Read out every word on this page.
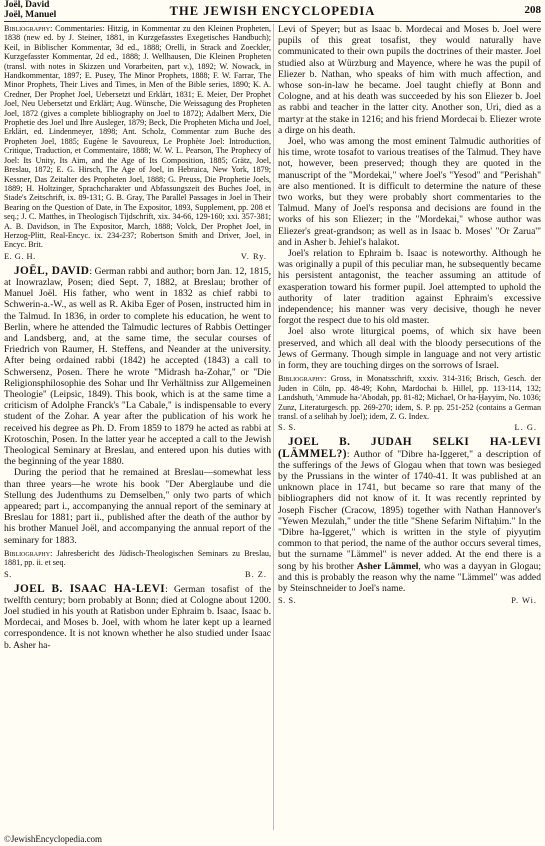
Joël, David
Joël, Manuel	THE JEWISH ENCYCLOPEDIA	208

Bibliography: Commentaries: Hitzig, in Kommentar zu den Kleinen Propheten, 1838 (new ed. by J. Steiner, 1881, in Kurzgefasstes Exegetisches Handbuch); Keil, in Biblischer Kommentar, 3d ed., 1888; Orelli, in Strack and Zoeckler, Kurzgefasster Kommentar, 2d ed., 1888; J. Wellhausen, Die Kleinen Propheten (transl. with notes in Skizzen und Vorarbeiten, part v.), 1892; W. Nowack, in Handkommentar, 1897; E. Pusey, The Minor Prophets, 1888; F. W. Farrar, The Minor Prophets, Their Lives and Times, in Men of the Bible series, 1890; K. A. Credner, Der Prophet Joel, Uebersetzt und Erklärt, 1831; E. Meier, Der Prophet Joel, Neu Uebersetzt und Erklärt; Aug. Wünsche, Die Weissagung des Propheten Joel, 1872 (gives a complete bibliography on Joel to 1872); Adalbert Merx, Die Prophetie des Joel und Ihre Ausleger, 1879; Beck, Die Propheten Micha und Joel, Erklärt, ed. Lindenmeyer, 1898; Ant. Scholz, Commentar zum Buche des Propheten Joel, 1885; Eugène le Savoureux, Le Prophète Joel: Introduction, Critique, Traduction, et Commentaire, 1888; W. W. L. Pearson, The Prophecy of Joel: Its Unity, Its Aim, and the Age of Its Composition, 1885; Grätz, Joel, Breslau, 1872; E. G. Hirsch, The Age of Joel, in Hebraica, New York, 1879; Kessner, Das Zeitalter des Propheten Joel, 1888; G. Preuss, Die Prophetie Joels, 1889; H. Holtzinger, Sprachcharakter und Abfassungszeit des Buches Joel, in Stade's Zeitschrift, ix. 89-131; G. B. Gray, The Parallel Passages in Joel in Their Bearing on the Question of Date, in The Expositor, 1893, Supplement, pp. 208 et seq.; J. C. Matthes, in Theologisch Tijdschrift, xix. 34-66, 129-160; xxi. 357-381; A. B. Davidson, in The Expositor, March, 1888; Volck, Der Prophet Joel, in Herzog-Plitt, Real-Encyc. ix. 234-237; Robertson Smith and Driver, Joel, in Encyc. Brit.

E. G. H.	V. Ry.

JOËL, DAVID: German rabbi and author; born Jan. 12, 1815, at Inowrazlaw, Posen; died Sept. 7, 1882, at Breslau; brother of Manuel Joël. His father, who went in 1832 as chief rabbi to Schwerin-a.-W., as well as R. Akiba Eger of Posen, instructed him in the Talmud. In 1836, in order to complete his education, he went to Berlin, where he attended the Talmudic lectures of Rabbis Oettinger and Landsberg, and, at the same time, the secular courses of Friedrich von Raumer, H. Steffens, and Neander at the university. After being ordained rabbi (1842) he accepted (1843) a call to Schwersenz, Posen. There he wrote "Midrash ha-Zohar," or "Die Religionsphilosophie des Sohar und Ihr Verhältniss zur Allgemeinen Theologie" (Leipsic, 1849). This book, which is at the same time a criticism of Adolphe Franck's "La Cabale," is indispensable to every student of the Zohar. A year after the publication of his work he received his degree as Ph. D. From 1859 to 1879 he acted as rabbi at Krotoschin, Posen. In the latter year he accepted a call to the Jewish Theological Seminary at Breslau, and entered upon his duties with the beginning of the year 1880.

During the period that he remained at Breslau—somewhat less than three years—he wrote his book "Der Aberglaube und die Stellung des Judenthums zu Demselben," only two parts of which appeared; part i., accompanying the annual report of the seminary at Breslau for 1881; part ii., published after the death of the author by his brother Manuel Joël, and accompanying the annual report of the seminary for 1883.

Bibliography: Jahresbericht des Jüdisch-Theologischen Seminars zu Breslau, 1881, pp. ii. et seq.

S.	B. Z.

JOEL B. ISAAC HA-LEVI: German tosafist of the twelfth century; born probably at Bonn; died at Cologne about 1200. Joel studied in his youth at Ratisbon under Ephraim b. Isaac, Isaac b. Mordecai, and Moses b. Joel, with whom he later kept up a learned correspondence. It is not known whether he also studied under Isaac b. Asher ha-

Levi of Speyer; but as Isaac b. Mordecai and Moses b. Joel were pupils of this great tosafist, they would naturally have communicated to their own pupils the doctrines of their master. Joel studied also at Würzburg and Mayence, where he was the pupil of Eliezer b. Nathan, who speaks of him with much affection, and whose son-in-law he became. Joel taught chiefly at Bonn and Cologne, and at his death was succeeded by his son Eliezer b. Joel as rabbi and teacher in the latter city. Another son, Uri, died as a martyr at the stake in 1216; and his friend Mordecai b. Eliezer wrote a dirge on his death.

Joel, who was among the most eminent Talmudic authorities of his time, wrote tosafot to various treatises of the Talmud. They have not, however, been preserved; though they are quoted in the manuscript of the "Mordekai," where Joel's "Yesod" and "Perishah" are also mentioned. It is difficult to determine the nature of these two works, but they were probably short commentaries to the Talmud. Many of Joel's responsa and decisions are found in the works of his son Eliezer; in the "Mordekai," whose author was Eliezer's great-grandson; as well as in Isaac b. Moses' "Or Zarua'" and in Asher b. Jehiel's halakot.

Joel's relation to Ephraim b. Isaac is noteworthy. Although he was originally a pupil of this peculiar man, he subsequently became his persistent antagonist, the teacher assuming an attitude of exasperation toward his former pupil. Joel attempted to uphold the authority of later tradition against Ephraim's excessive independence; his manner was very decisive, though he never forgot the respect due to his old master.

Joel also wrote liturgical poems, of which six have been preserved, and which all deal with the bloody persecutions of the Jews of Germany. Though simple in language and not very artistic in form, they are touching dirges on the sorrows of Israel.

Bibliography: Gross, in Monatsschrift, xxxiv. 314-316; Brisch, Gesch. der Juden in Cöln, pp. 48-49; Kohn, Mardochai b. Hillel, pp. 113-114, 132; Landshuth, 'Ammude ha-'Abodah, pp. 81-82; Michael, Or ha-Ḥayyim, No. 1036; Zunz, Literaturgesch. pp. 269-270; idem, S. P. pp. 251-252 (contains a German transl. of a selihah by Joel); idem, Z. G. Index.

S. S.	L. G.

JOEL B. JUDAH SELKI HA-LEVI (LÄMMEL?): Author of "Dibre ha-Iggeret," a description of the sufferings of the Jews of Glogau when that town was besieged by the Prussians in the winter of 1740-41. It was published at an unknown place in 1741, but became so rare that many of the bibliographers did not know of it. It was recently reprinted by Joseph Fischer (Cracow, 1895) together with Nathan Hannover's "Yewen Mezulah," under the title "Shene Sefarim Niftaḥim." In the "Dibre ha-Iggeret," which is written in the style of piyyuṭim common to that period, the name of the author occurs several times, but the surname "Lämmel" is never added. At the end there is a song by his brother Asher Lämmel, who was a dayyan in Glogau; and this is probably the reason why the name "Lämmel" was added by Steinschneider to Joel's name.

S. S.	P. Wi.
©JewishEncyclopedia.com
